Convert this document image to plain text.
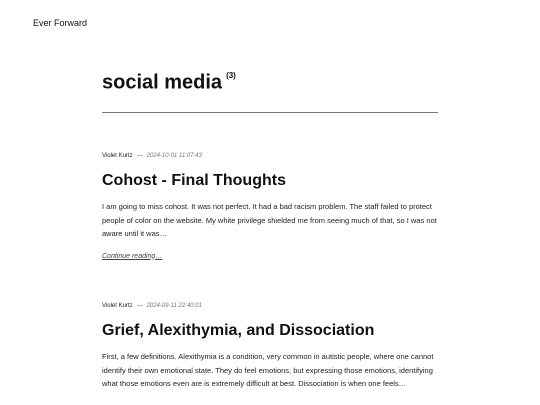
Ever Forward
social media $^{(3)}$
Violet Kurtz 2024-10-01 11:07:43
Cohost - Final Thoughts
I am going to miss cohost. It was not perfect. It had a bad racism problem. The staff failed to protect people of color on the website. My white privilege shielded me from seeing much of that, so I was not aware until it was…
Continue reading…
Violet Kurtz 2024-09-11 22:40:01
Grief, Alexithymia, and Dissociation
First, a few definitions. Alexithymia is a condition, very common in autistic people, where one cannot identify their own emotional state. They do feel emotions, but expressing those emotions, identifying what those emotions even are is extremely difficult at best. Dissociation is when one feels…
